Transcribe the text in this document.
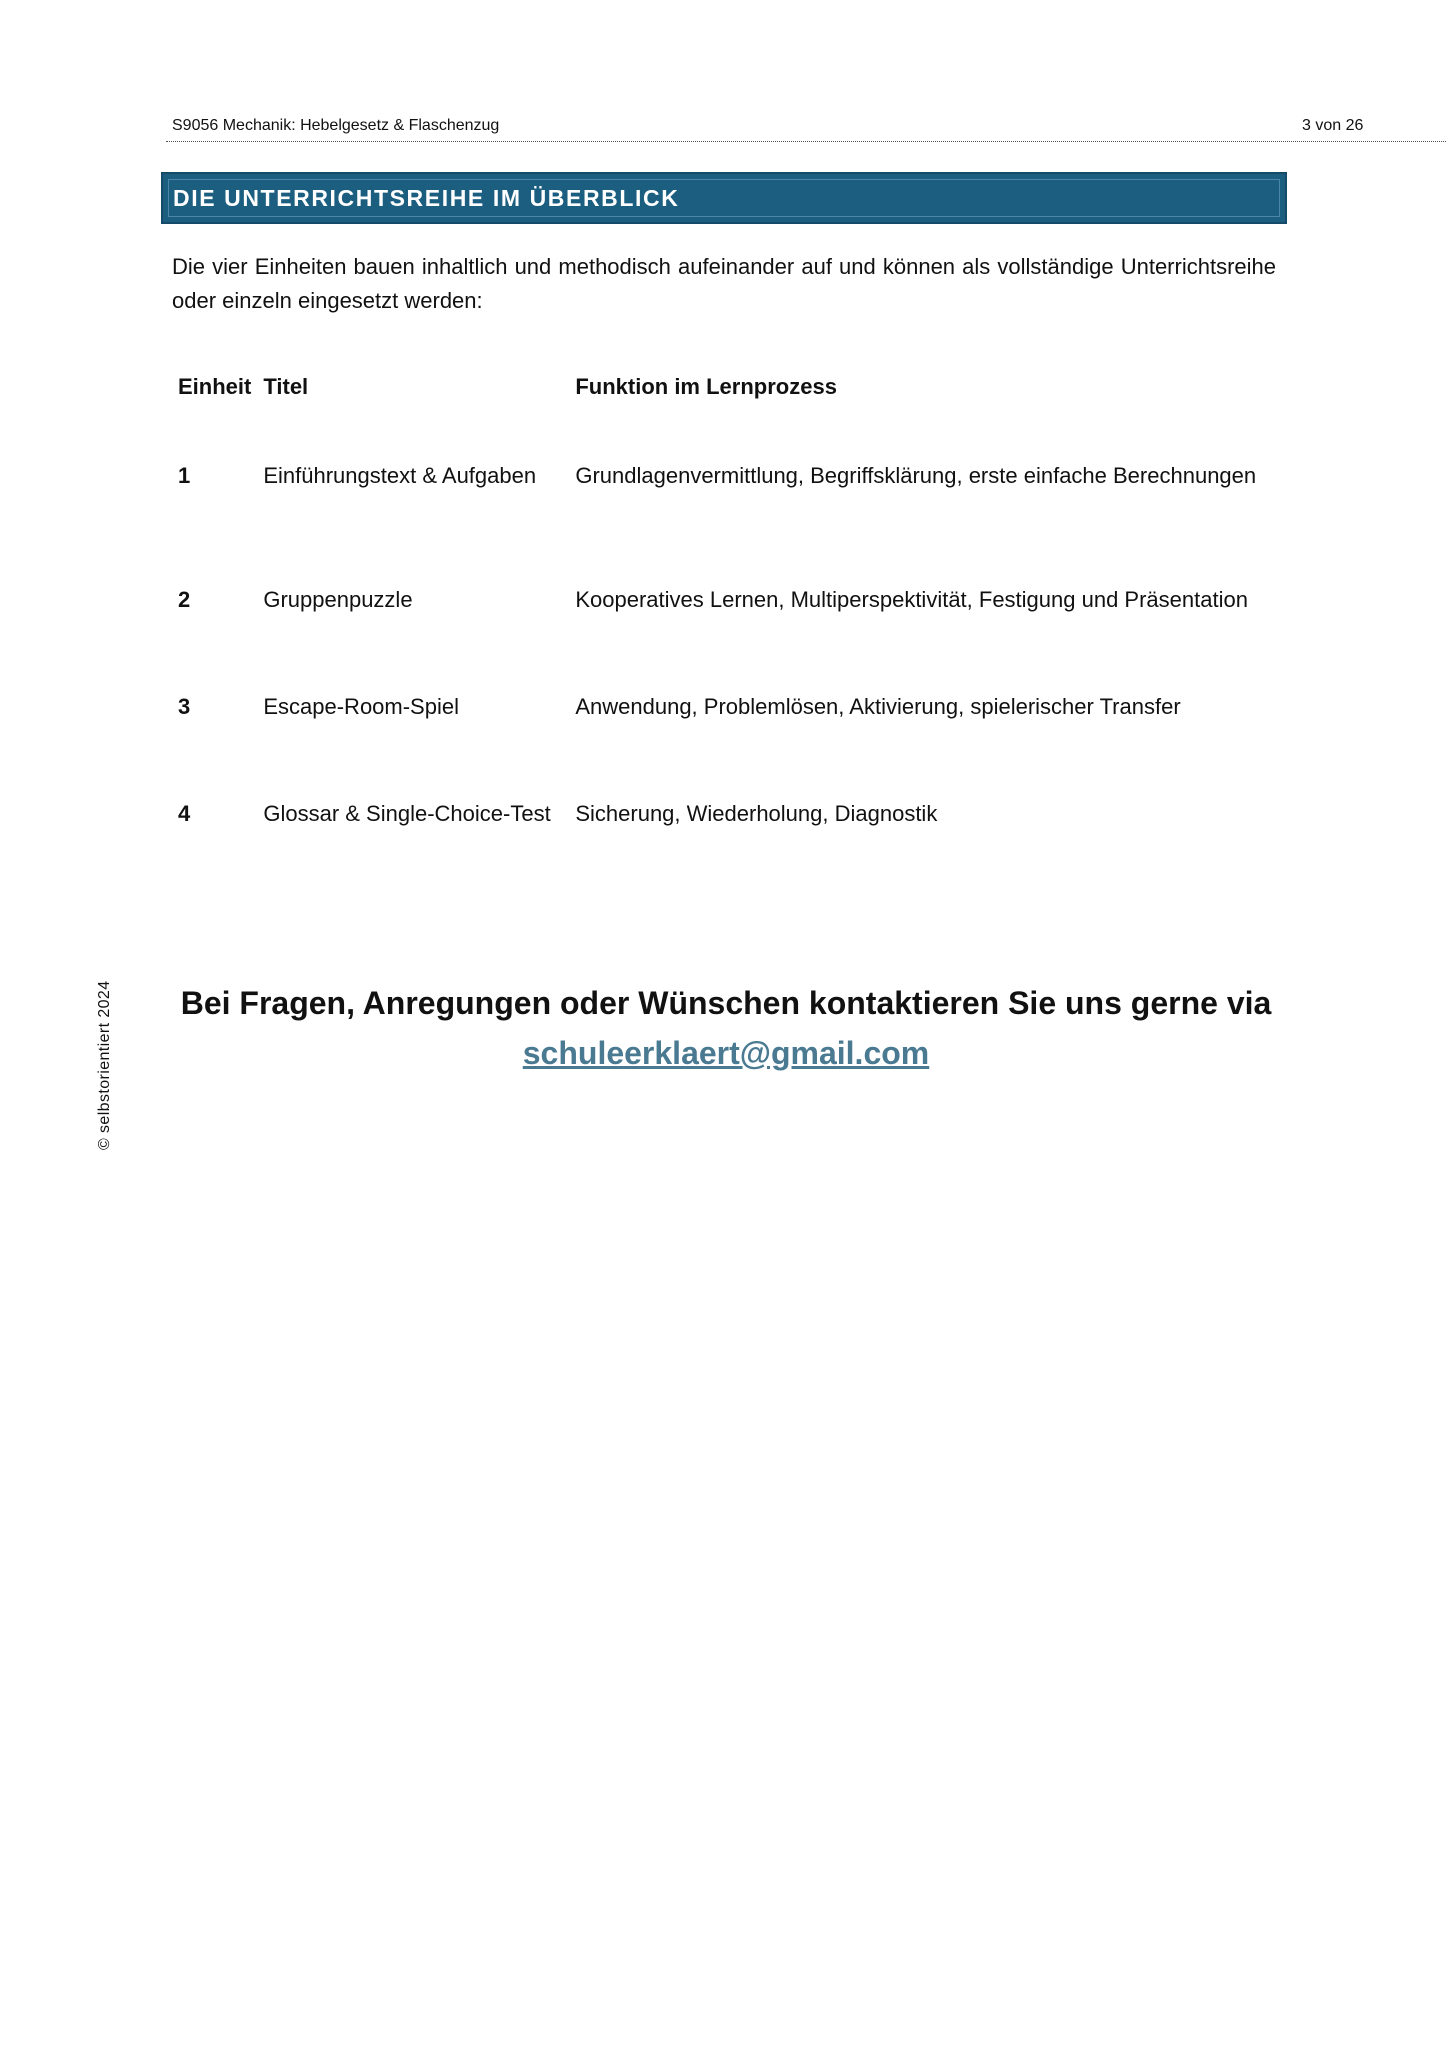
S9056 Mechanik: Hebelgesetz & Flaschenzug	3 von 26
DIE UNTERRICHTSREIHE IM ÜBERBLICK

Die vier Einheiten bauen inhaltlich und methodisch aufeinander auf und können als vollständige Unterrichtsreihe oder einzeln eingesetzt werden:

Einheit	Titel	Funktion im Lernprozess
1	Einführungstext & Aufgaben	Grundlagenvermittlung, Begriffsklärung, erste einfache Berechnungen
2	Gruppenpuzzle	Kooperatives Lernen, Multiperspektivität, Festigung und Präsentation
3	Escape-Room-Spiel	Anwendung, Problemlösen, Aktivierung, spielerischer Transfer
4	Glossar & Single-Choice-Test	Sicherung, Wiederholung, Diagnostik
© selbstorientiert 2024	Bei Fragen, Anregungen oder Wünschen kontaktieren Sie uns gerne via
schuleerklaert@gmail.com
